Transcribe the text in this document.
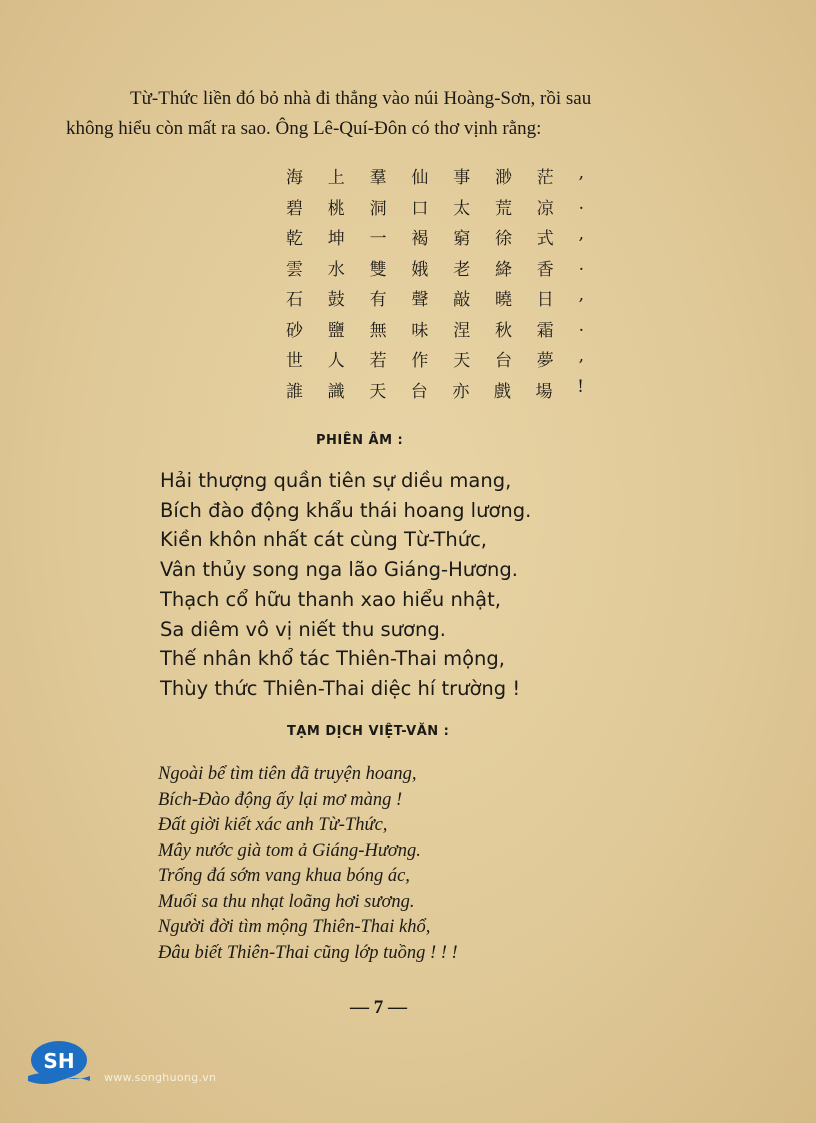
Từ-Thức liền đó bỏ nhà đi thẳng vào núi Hoàng-Sơn, rồi sau

không hiểu còn mất ra sao. Ông Lê-Quí-Đôn có thơ vịnh rằng:

海 上 羣 仙 事 渺 茫 ,
碧 桃 洞 口 太 荒 凉 .
乾 坤 一 褐 窮 徐 式 ,
雲 水 雙 娥 老 絳 香 .
石 鼓 有 聲 敲 曉 日 ,
砂 鹽 無 味 涅 秋 霜 .
世 人 若 作 天 台 夢 ,
誰 識 天 台 亦 戲 場 !
PHIÊN ÂM :
Hải thượng quần tiên sự diều mang,
Bích đào động khẩu thái hoang lương.
Kiền khôn nhất cát cùng Từ-Thức,
Vân thủy song nga lão Giáng-Hương.
Thạch cổ hữu thanh xao hiểu nhật,
Sa diêm vô vị niết thu sương.
Thế nhân khổ tác Thiên-Thai mộng,
Thùy thức Thiên-Thai diệc hí trường !
TẠM DỊCH VIỆT-VĂN :
Ngoài bể tìm tiên đã truyện hoang,
Bích-Đào động ấy lại mơ màng !
Đất giời kiết xác anh Từ-Thức,
Mây nước già tom ả Giáng-Hương.
Trống đá sớm vang khua bóng ác,
Muối sa thu nhạt loãng hơi sương.
Người đời tìm mộng Thiên-Thai khổ,
Đâu biết Thiên-Thai cũng lớp tuồng ! ! !
— 7 —
SH
www.songhuong.vn
